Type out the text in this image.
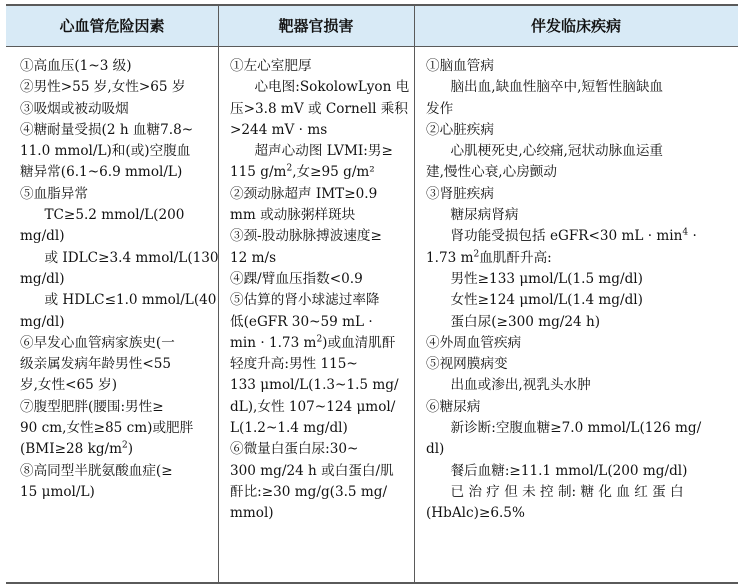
心血管危险因素	靶器官损害	伴发临床疾病
①高血压(1~3 级)
②男性>55 岁,女性>65 岁
③吸烟或被动吸烟
④糖耐量受损(2 h 血糖7.8~
11.0 mmol/L)和(或)空腹血
糖异常(6.1~6.9 mmol/L)
⑤血脂异常
TC≥5.2 mmol/L(200
mg/dl)
或 IDLC≥3.4 mmol/L(130
mg/dl)
或 HDLC≤1.0 mmol/L(40
mg/dl)
⑥早发心血管病家族史(一
级亲属发病年龄男性<55
岁,女性<65 岁)
⑦腹型肥胖(腰围:男性≥
90 cm,女性≥85 cm)或肥胖
(BMI≥28 $kg/m^2$)
⑧高同型半胱氨酸血症(≥
15 μmol/L)
①左心室肥厚
心电图:SokolowLyon 电
压>3.8 mV 或 Cornell 乘积
>244 mV · ms
超声心动图 LVMI:男≥
115 $g/m^2$,女≥95 g/m²
②颈动脉超声 IMT≥0.9
mm 或动脉粥样斑块
③颈-股动脉脉搏波速度≥
12 m/s
④踝/臂血压指数<0.9
⑤估算的肾小球滤过率降
低(eGFR 30~59 mL ·
min · 1.73 $m^2$)或血清肌酐
轻度升高:男性 115~
133 μmol/L(1.3~1.5 mg/
dL),女性 107~124 μmol/
L(1.2~1.4 mg/dl)
⑥微量白蛋白尿:30~
300 mg/24 h 或白蛋白/肌
酐比:≥30 mg/g(3.5 mg/
mmol)
①脑血管病
脑出血,缺血性脑卒中,短暂性脑缺血
发作
②心脏疾病
心肌梗死史,心绞痛,冠状动脉血运重
建,慢性心衰,心房颤动
③肾脏疾病
糖尿病肾病
肾功能受损包括 eGFR<30 mL · $\min^4$ ·
1.73 $m^2$血肌酐升高:
男性≥133 μmol/L(1.5 mg/dl)
女性≥124 μmol/L(1.4 mg/dl)
蛋白尿(≥300 mg/24 h)
④外周血管疾病
⑤视网膜病变
出血或渗出,视乳头水肿
⑥糖尿病
新诊断:空腹血糖≥7.0 mmol/L(126 mg/
dl)
餐后血糖:≥11.1 mmol/L(200 mg/dl)
已 治 疗 但 未 控 制: 糖 化 血 红 蛋 白
(HbAlc)≥6.5%
